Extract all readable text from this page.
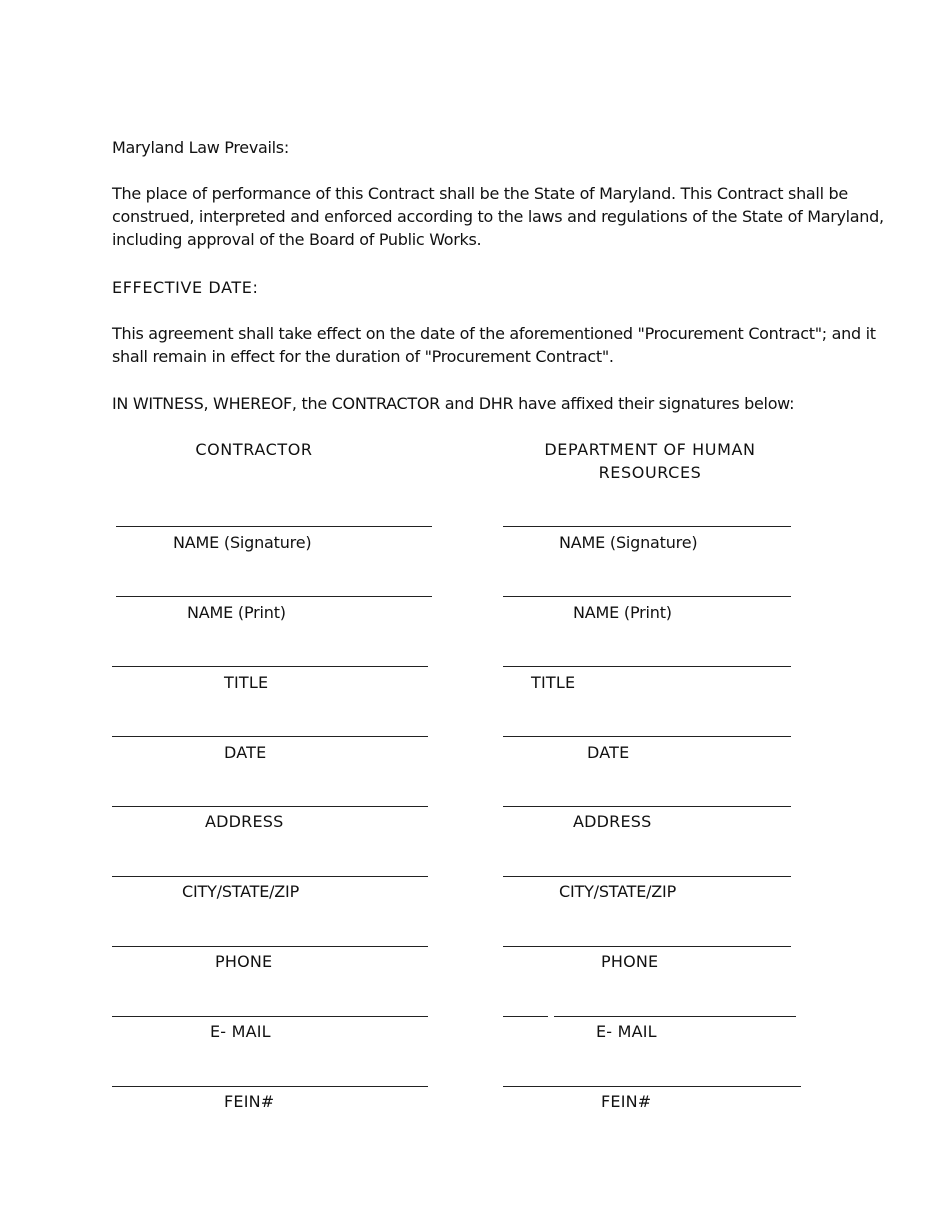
Maryland Law Prevails:
The place of performance of this Contract shall be the State of Maryland. This Contract shall be construed, interpreted and enforced according to the laws and regulations of the State of Maryland, including approval of the Board of Public Works.
EFFECTIVE DATE:
This agreement shall take effect on the date of the aforementioned "Procurement Contract"; and it shall remain in effect for the duration of "Procurement Contract".
IN WITNESS, WHEREOF, the CONTRACTOR and DHR have affixed their signatures below:
CONTRACTOR	DEPARTMENT OF HUMAN
RESOURCES
NAME (Signature)	NAME (Signature)
NAME (Print)	NAME (Print)
TITLE	TITLE
DATE	DATE
ADDRESS	ADDRESS
CITY/STATE/ZIP	CITY/STATE/ZIP
PHONE	PHONE
E- MAIL	E- MAIL
FEIN#	FEIN#
